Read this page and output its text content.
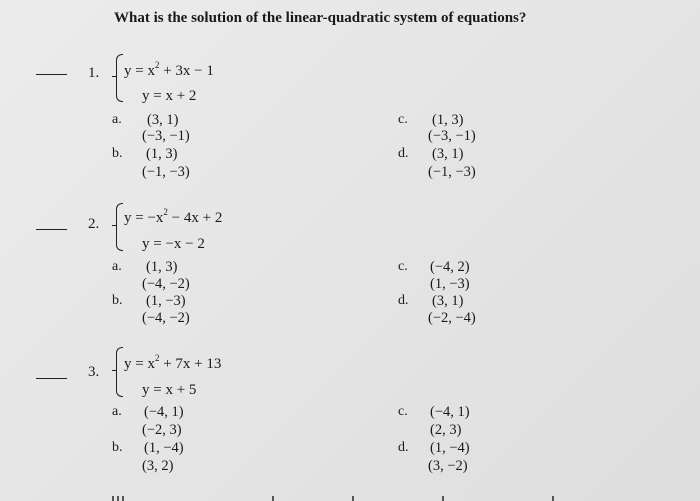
What is the solution of the linear-quadratic system of equations?
1. $y = x^2 + 3x - 1$
y = x + 2
a. (3, 1)
(−3, −1)
b. (1, 3)
(−1, −3)
c. (1, 3)
(−3, −1)
d. (3, 1)
(−1, −3)
2. $y = -x^2 - 4x + 2$
y = −x − 2
a. (1, 3)
(−4, −2)
b. (1, −3)
(−4, −2)
c. (−4, 2)
(1, −3)
d. (3, 1)
(−2, −4)
3. $y = x^2 + 7x + 13$
y = x + 5
a. (−4, 1)
(−2, 3)
b. (1, −4)
(3, 2)
c. (−4, 1)
(2, 3)
d. (1, −4)
(3, −2)
